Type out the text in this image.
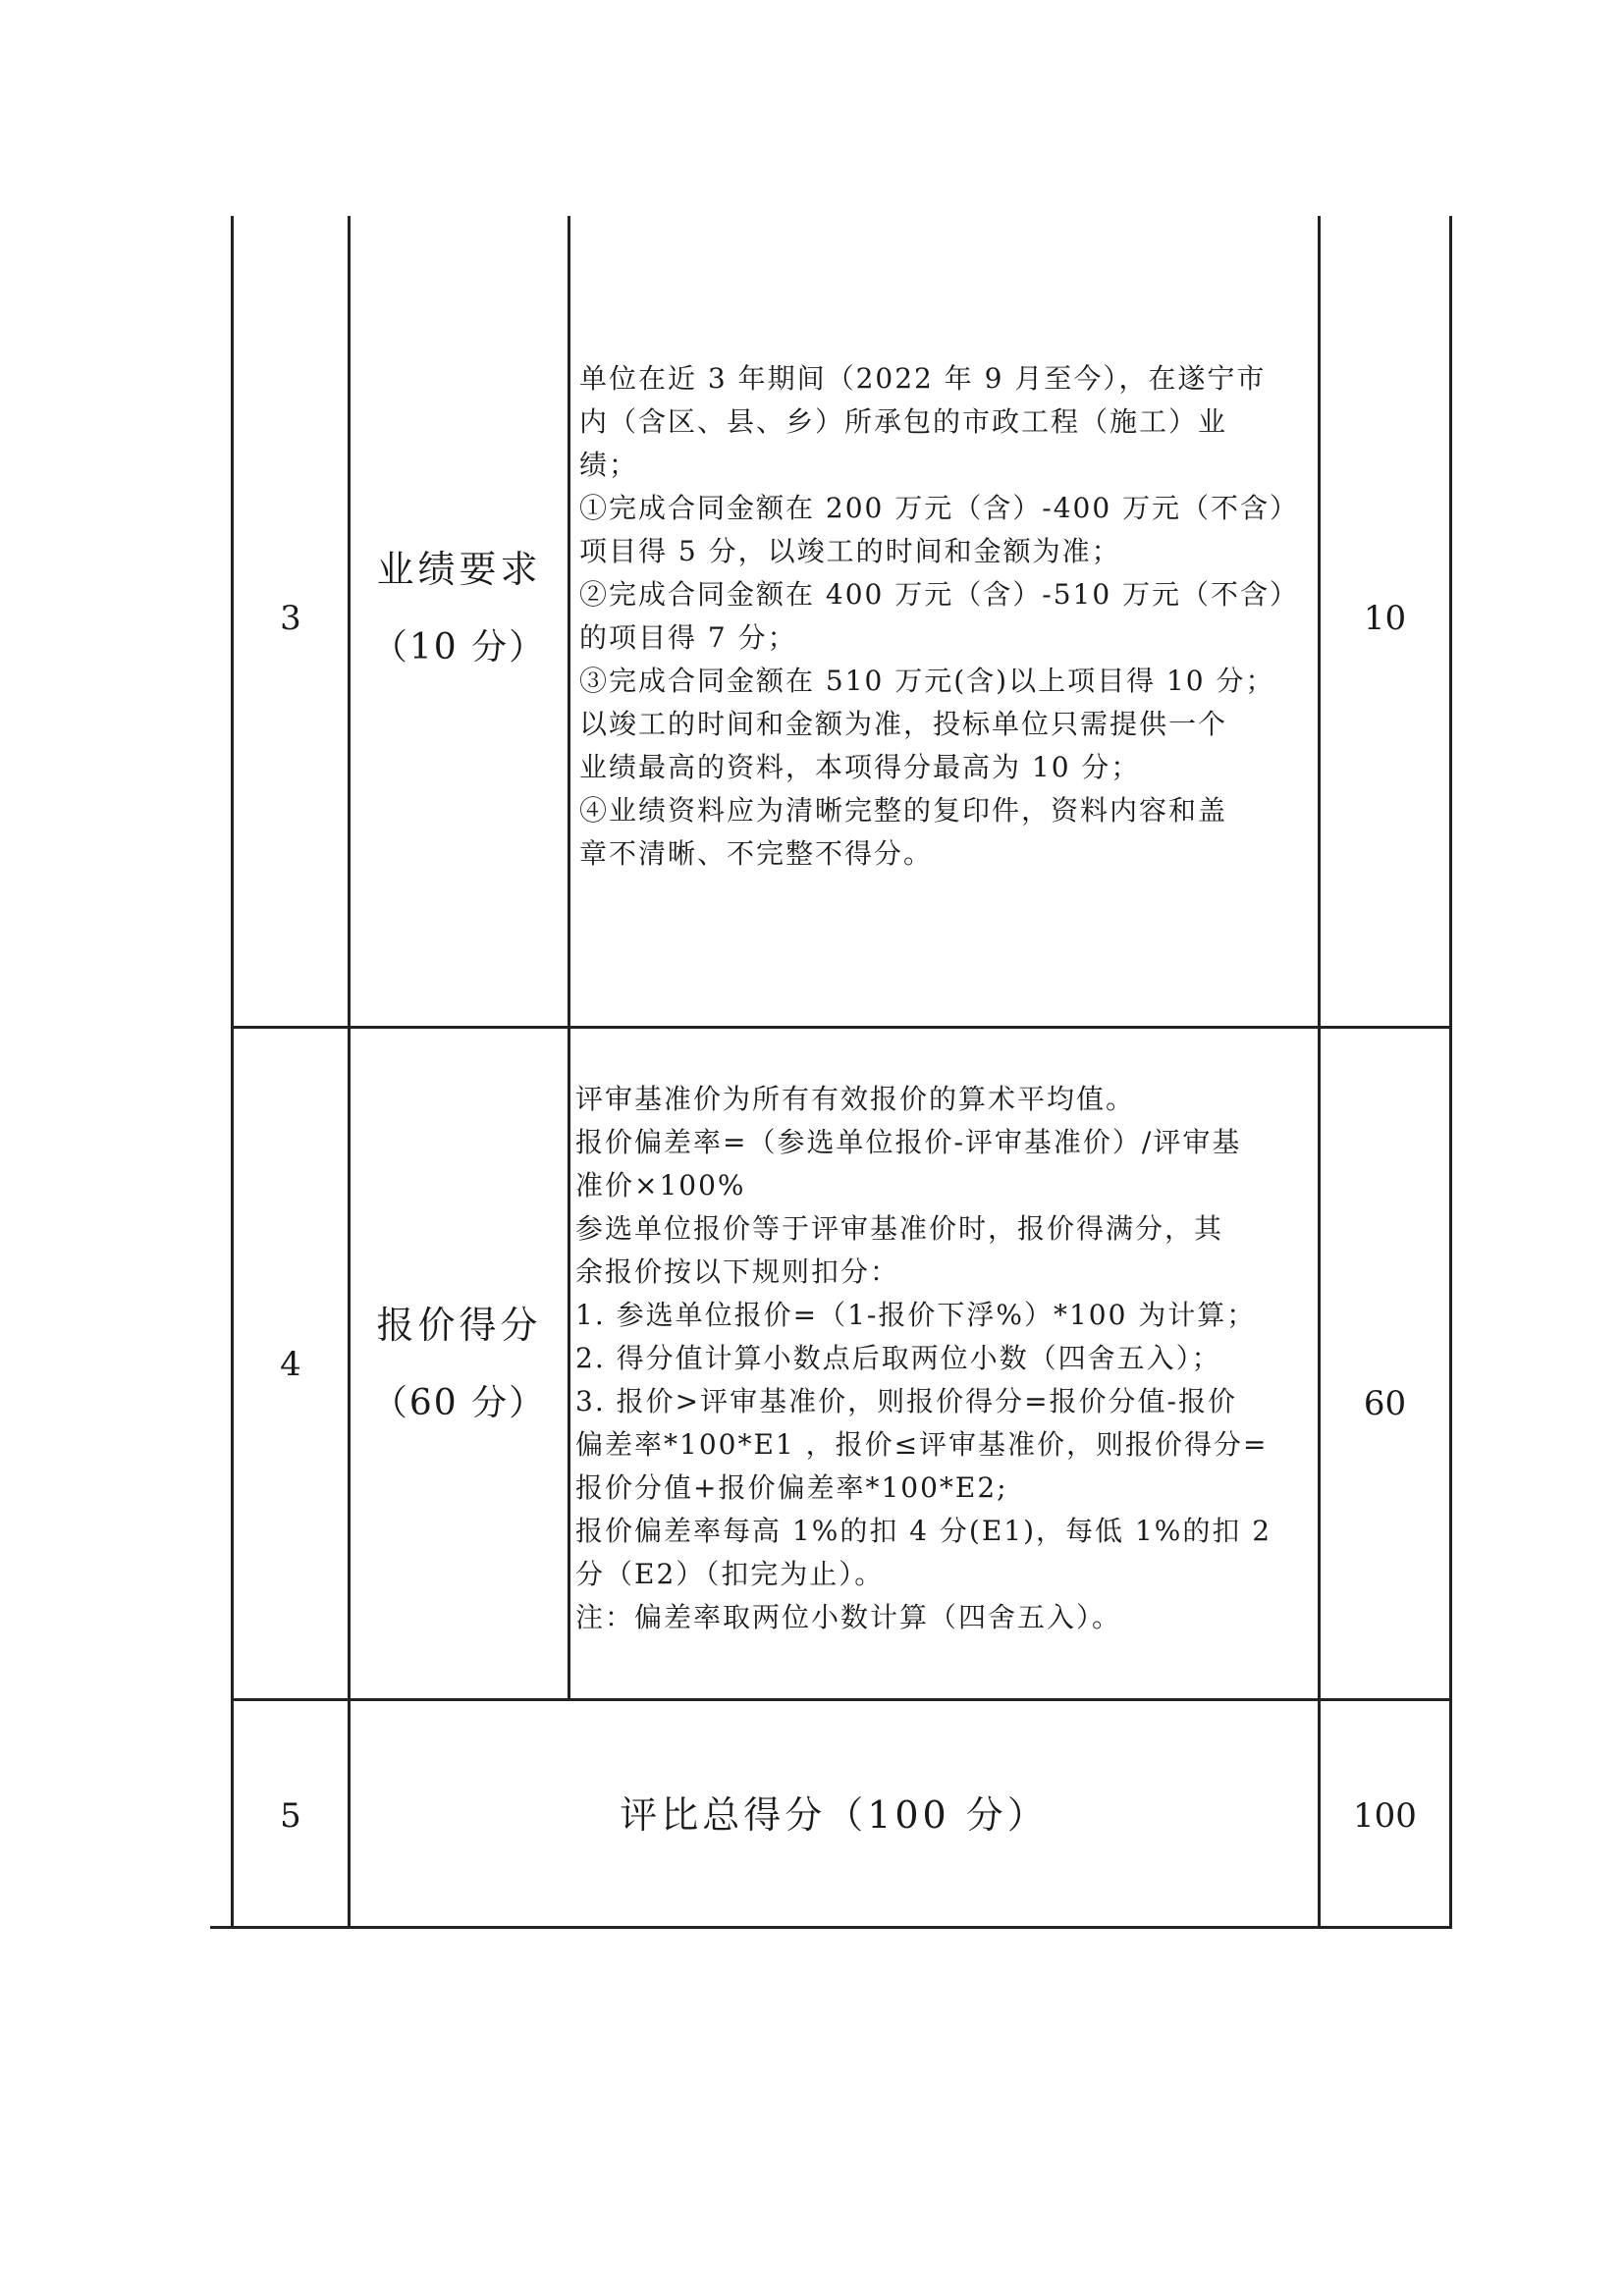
3
业绩要求
（10 分）
单位在近 3 年期间（2022 年 9 月至今），在遂宁市
内（含区、县、乡）所承包的市政工程（施工）业
绩；
①完成合同金额在 200 万元（含）-400 万元（不含）
项目得 5 分，以竣工的时间和金额为准；
②完成合同金额在 400 万元（含）-510 万元（不含）
的项目得 7 分；
③完成合同金额在 510 万元(含)以上项目得 10 分；
以竣工的时间和金额为准，投标单位只需提供一个
业绩最高的资料，本项得分最高为 10 分；
④业绩资料应为清晰完整的复印件，资料内容和盖
章不清晰、不完整不得分。
10
4
报价得分
（60 分）
评审基准价为所有有效报价的算术平均值。
报价偏差率=（参选单位报价-评审基准价）/评审基
准价×100%
参选单位报价等于评审基准价时，报价得满分，其
余报价按以下规则扣分：
1. 参选单位报价=（1-报价下浮%）*100 为计算；
2. 得分值计算小数点后取两位小数（四舍五入）；
3. 报价>评审基准价，则报价得分=报价分值-报价
偏差率*100*E1 ，报价≤评审基准价，则报价得分=
报价分值+报价偏差率*100*E2;
报价偏差率每高 1%的扣 4 分(E1)，每低 1%的扣 2
分（E2）（扣完为止）。
注：偏差率取两位小数计算（四舍五入）。
60
5	评比总得分（100 分）	100
